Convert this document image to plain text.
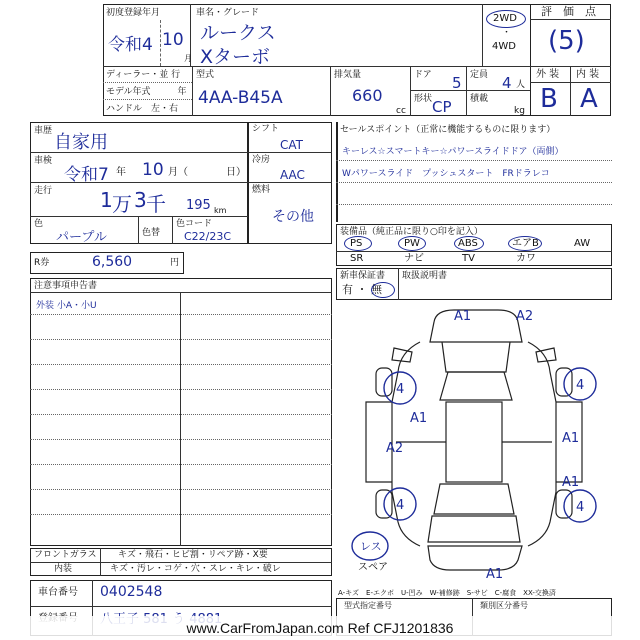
初度登録年月
令和4 10
月
車名・グレード
ルークス
Xターボ
2WD
・
4WD
評　価　点
(5)
外 装 内 装
B A
ディーラー・並 行
モデル年式　　　年
ハンドル　左・右
型式
4AA-B45A
排気量
660
cc
ドア 5 定員 4 人
形状 CP 積載
kg
車歴
自家用
車検
令和7 年 10 月（	日）
走行 1 万 3 千 195 km
色
パープル	色替
色コード
C22/23C
シフト
CAT
冷房
AAC
燃料
その他
R券	6,560	円
セールスポイント（正常に機能するものに限ります）
キーレス☆スマートキー☆パワースライドドア（両側）
Wパワースライド　プッシュスタート　FRドラレコ
装備品（純正品に限り○印を記入）
PS	PW	ABS	エアB	AW
SR	ナビ	TV	カワ
新車保証書
有 ・ 無
取扱説明書
注意事項申告書
外装 小A・小U
フロントガラス キズ・飛石・ヒビ割・リペア跡・X要
内装	キズ・汚レ・コゲ・穴・スレ・キレ・破レ
車台番号 0402548
A1	A2
4	4
A1
A1
A2
4
A1
4
A1
レス
スペア
A-キズ　E-エクボ　U-凹み　W-補修跡　S-サビ　C-腐食　XX-交換済
型式指定番号	類別区分番号
www.CarFromJapan.com Ref CFJ1201836
